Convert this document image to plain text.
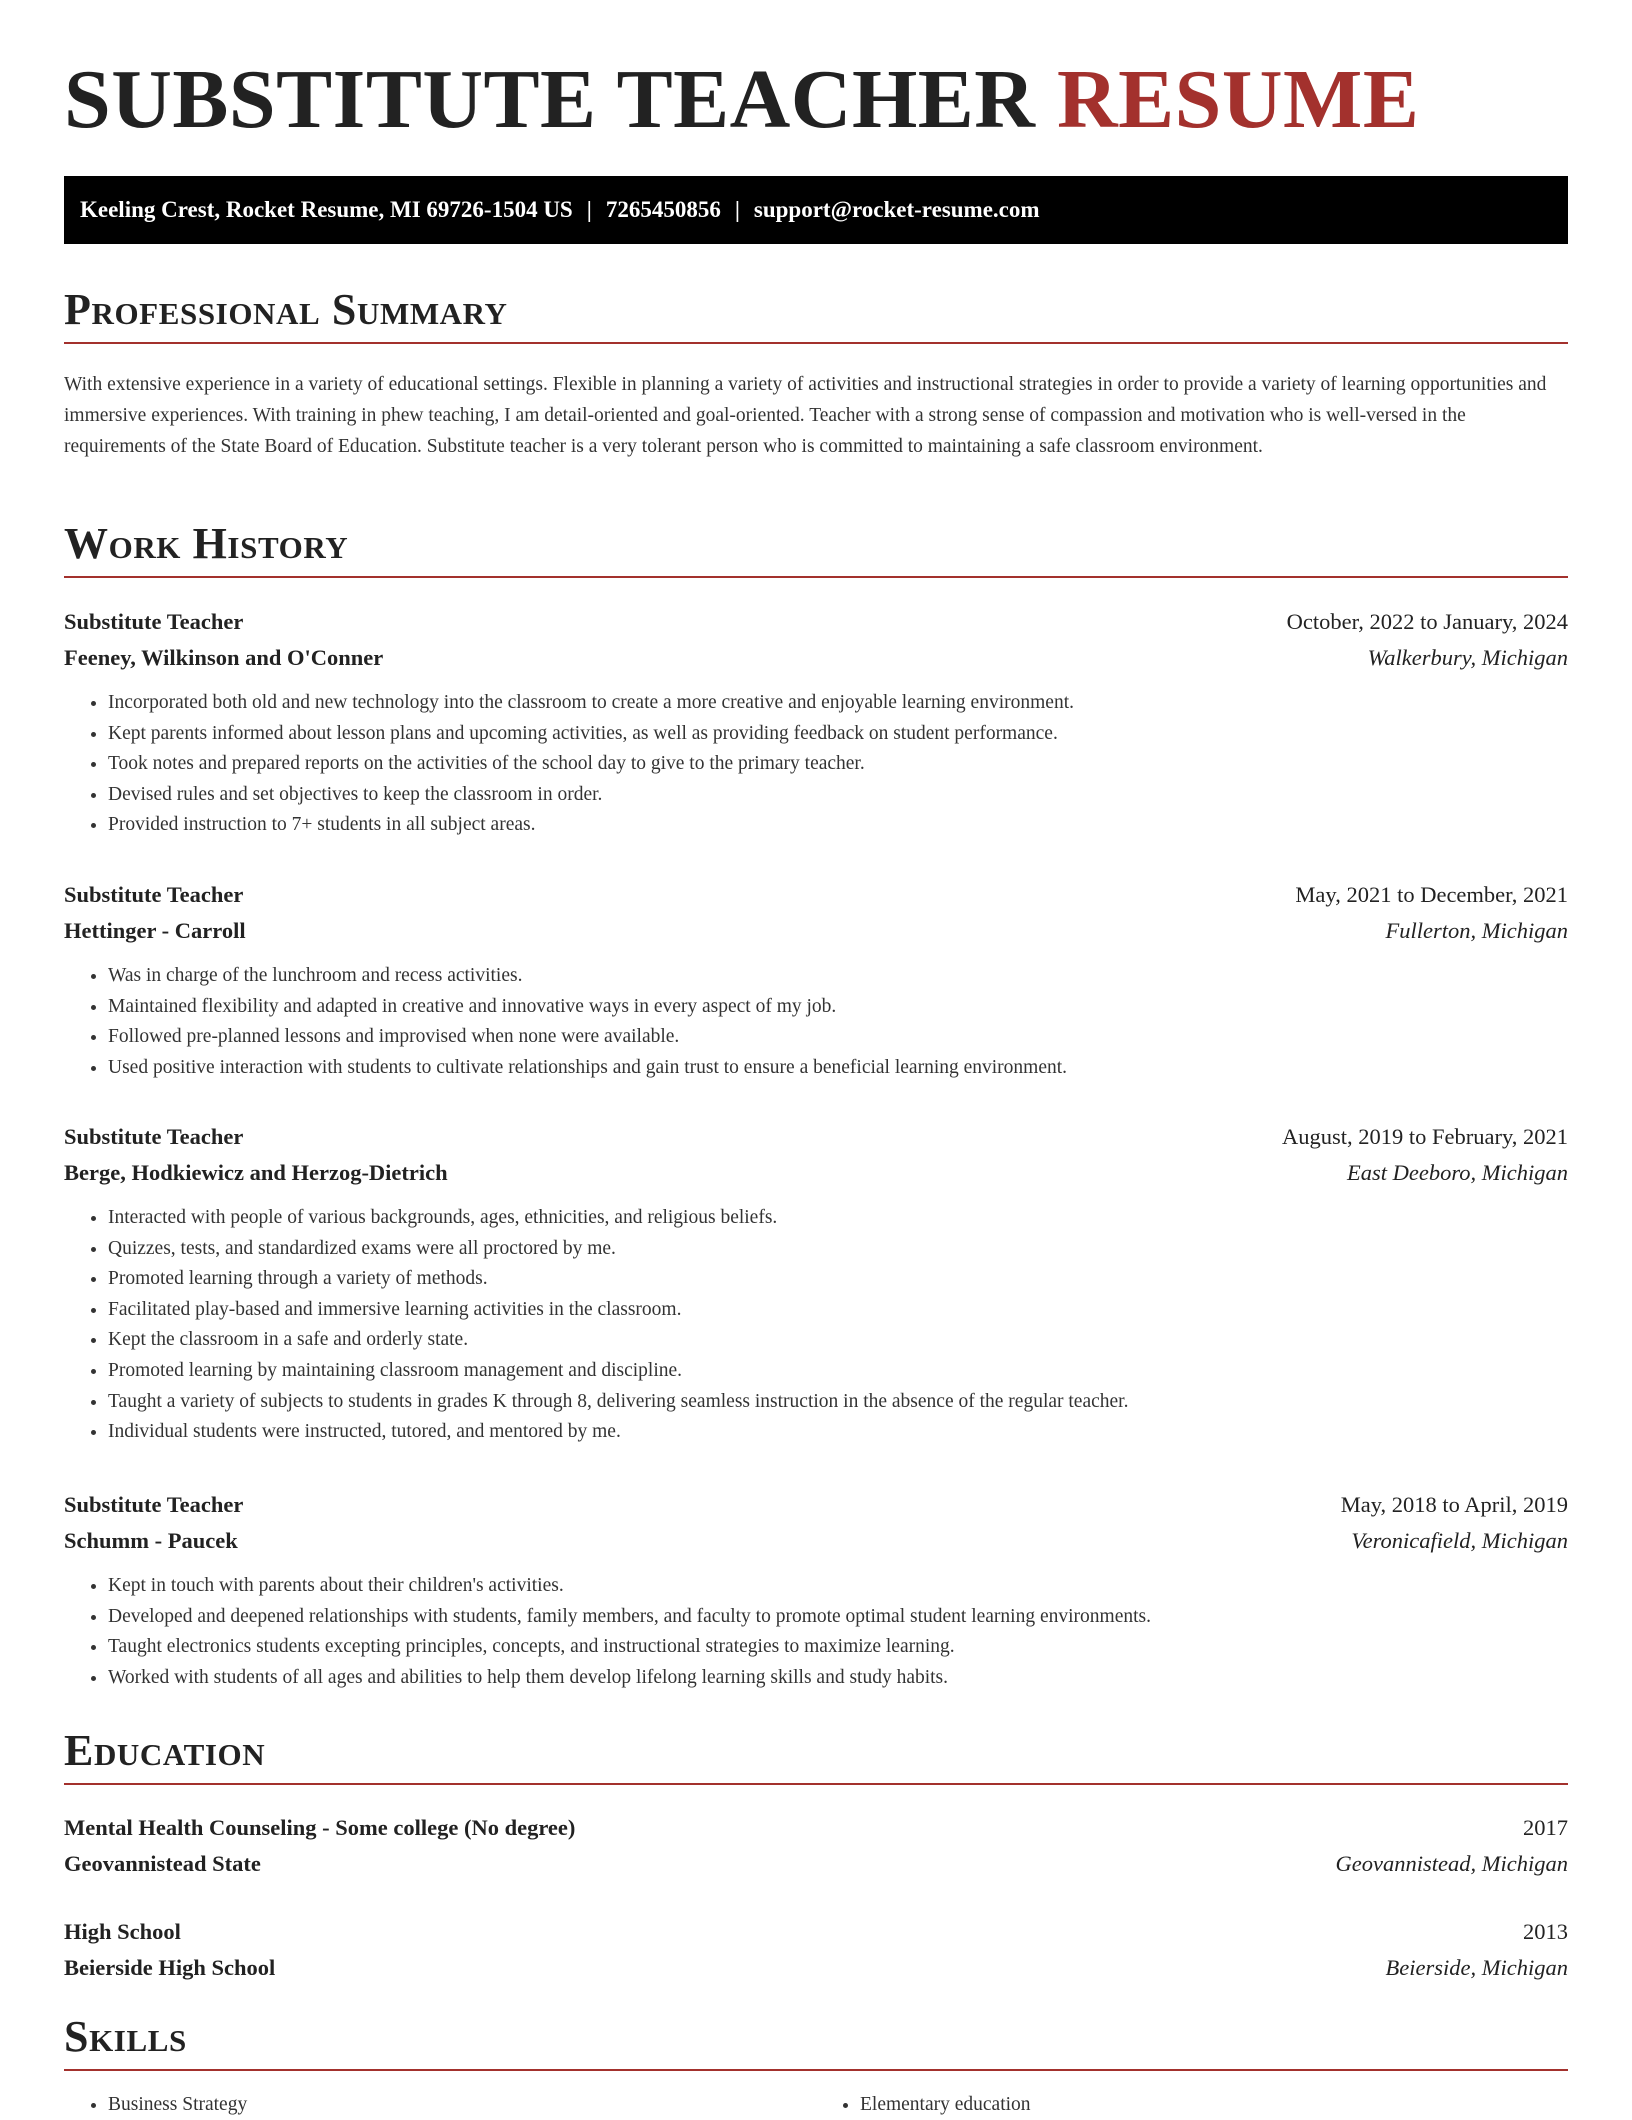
SUBSTITUTE TEACHER RESUME
Keeling Crest, Rocket Resume, MI 69726-1504 US | 7265450856 | support@rocket-resume.com
Professional Summary

With extensive experience in a variety of educational settings. Flexible in planning a variety of activities and instructional strategies in order to provide a variety of learning opportunities and immersive experiences. With training in phew teaching, I am detail-oriented and goal-oriented. Teacher with a strong sense of compassion and motivation who is well-versed in the requirements of the State Board of Education. Substitute teacher is a very tolerant person who is committed to maintaining a safe classroom environment.

Work History
Substitute Teacher	October, 2022 to January, 2024
Feeney, Wilkinson and O'Conner	Walkerbury, Michigan
• Incorporated both old and new technology into the classroom to create a more creative and enjoyable learning environment.
• Kept parents informed about lesson plans and upcoming activities, as well as providing feedback on student performance.
• Took notes and prepared reports on the activities of the school day to give to the primary teacher.
• Devised rules and set objectives to keep the classroom in order.
• Provided instruction to 7+ students in all subject areas.
Substitute Teacher	May, 2021 to December, 2021
Hettinger - Carroll	Fullerton, Michigan
• Was in charge of the lunchroom and recess activities.
• Maintained flexibility and adapted in creative and innovative ways in every aspect of my job.
• Followed pre-planned lessons and improvised when none were available.
• Used positive interaction with students to cultivate relationships and gain trust to ensure a beneficial learning environment.
Substitute Teacher	August, 2019 to February, 2021
Berge, Hodkiewicz and Herzog-Dietrich	East Deeboro, Michigan
• Interacted with people of various backgrounds, ages, ethnicities, and religious beliefs.
• Quizzes, tests, and standardized exams were all proctored by me.
• Promoted learning through a variety of methods.
• Facilitated play-based and immersive learning activities in the classroom.
• Kept the classroom in a safe and orderly state.
• Promoted learning by maintaining classroom management and discipline.
• Taught a variety of subjects to students in grades K through 8, delivering seamless instruction in the absence of the regular teacher.
• Individual students were instructed, tutored, and mentored by me.
Substitute Teacher	May, 2018 to April, 2019
Schumm - Paucek	Veronicafield, Michigan
• Kept in touch with parents about their children's activities.
• Developed and deepened relationships with students, family members, and faculty to promote optimal student learning environments.
• Taught electronics students excepting principles, concepts, and instructional strategies to maximize learning.
• Worked with students of all ages and abilities to help them develop lifelong learning skills and study habits.
Education
Mental Health Counseling - Some college (No degree)	2017
Geovannistead State	Geovannistead, Michigan
High School	2013
Beierside High School	Beierside, Michigan
Skills
• Business Strategy
•	Elementary education
